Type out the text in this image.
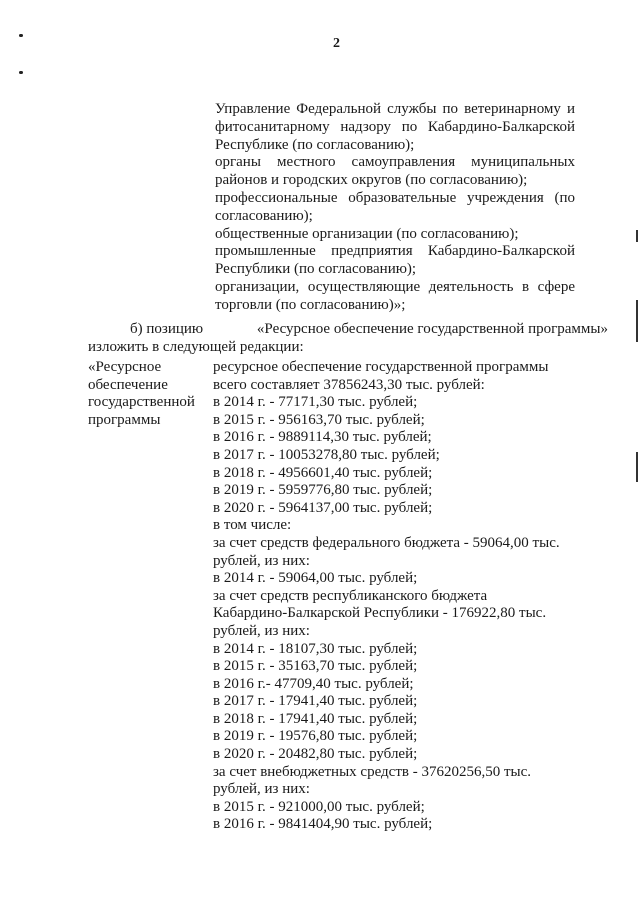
2

Управление Федеральной службы по ветеринарному и фитосанитарному надзору по Кабардино-Балкарской Республике (по согласованию);

органы местного самоуправления муниципальных районов и городских округов (по согласованию);

профессиональные образовательные учреждения (по согласованию);

общественные организации (по согласованию);

промышленные предприятия Кабардино-Балкарской Республики (по согласованию);

организации, осуществляющие деятельность в сфере торговли (по согласованию)»;

б) позицию	«Ресурсное обеспечение государственной программы»
изложить в следующей редакции:
«Ресурсное
обеспечение
государственной
программы
ресурсное обеспечение государственной программы
всего составляет 37856243,30 тыс. рублей:
в 2014 г. - 77171,30 тыс. рублей;
в 2015 г. - 956163,70 тыс. рублей;
в 2016 г. - 9889114,30 тыс. рублей;
в 2017 г. - 10053278,80 тыс. рублей;
в 2018 г. - 4956601,40 тыс. рублей;
в 2019 г. - 5959776,80 тыс. рублей;
в 2020 г. - 5964137,00 тыс. рублей;
в том числе:
за счет средств федерального бюджета - 59064,00 тыс.
рублей, из них:
в 2014 г. - 59064,00 тыс. рублей;
за счет средств республиканского бюджета
Кабардино-Балкарской Республики - 176922,80 тыс.
рублей, из них:
в 2014 г. - 18107,30 тыс. рублей;
в 2015 г. - 35163,70 тыс. рублей;
в 2016 г.- 47709,40 тыс. рублей;
в 2017 г. - 17941,40 тыс. рублей;
в 2018 г. - 17941,40 тыс. рублей;
в 2019 г. - 19576,80 тыс. рублей;
в 2020 г. - 20482,80 тыс. рублей;
за счет внебюджетных средств - 37620256,50 тыс.
рублей, из них:
в 2015 г. - 921000,00 тыс. рублей;
в 2016 г. - 9841404,90 тыс. рублей;
